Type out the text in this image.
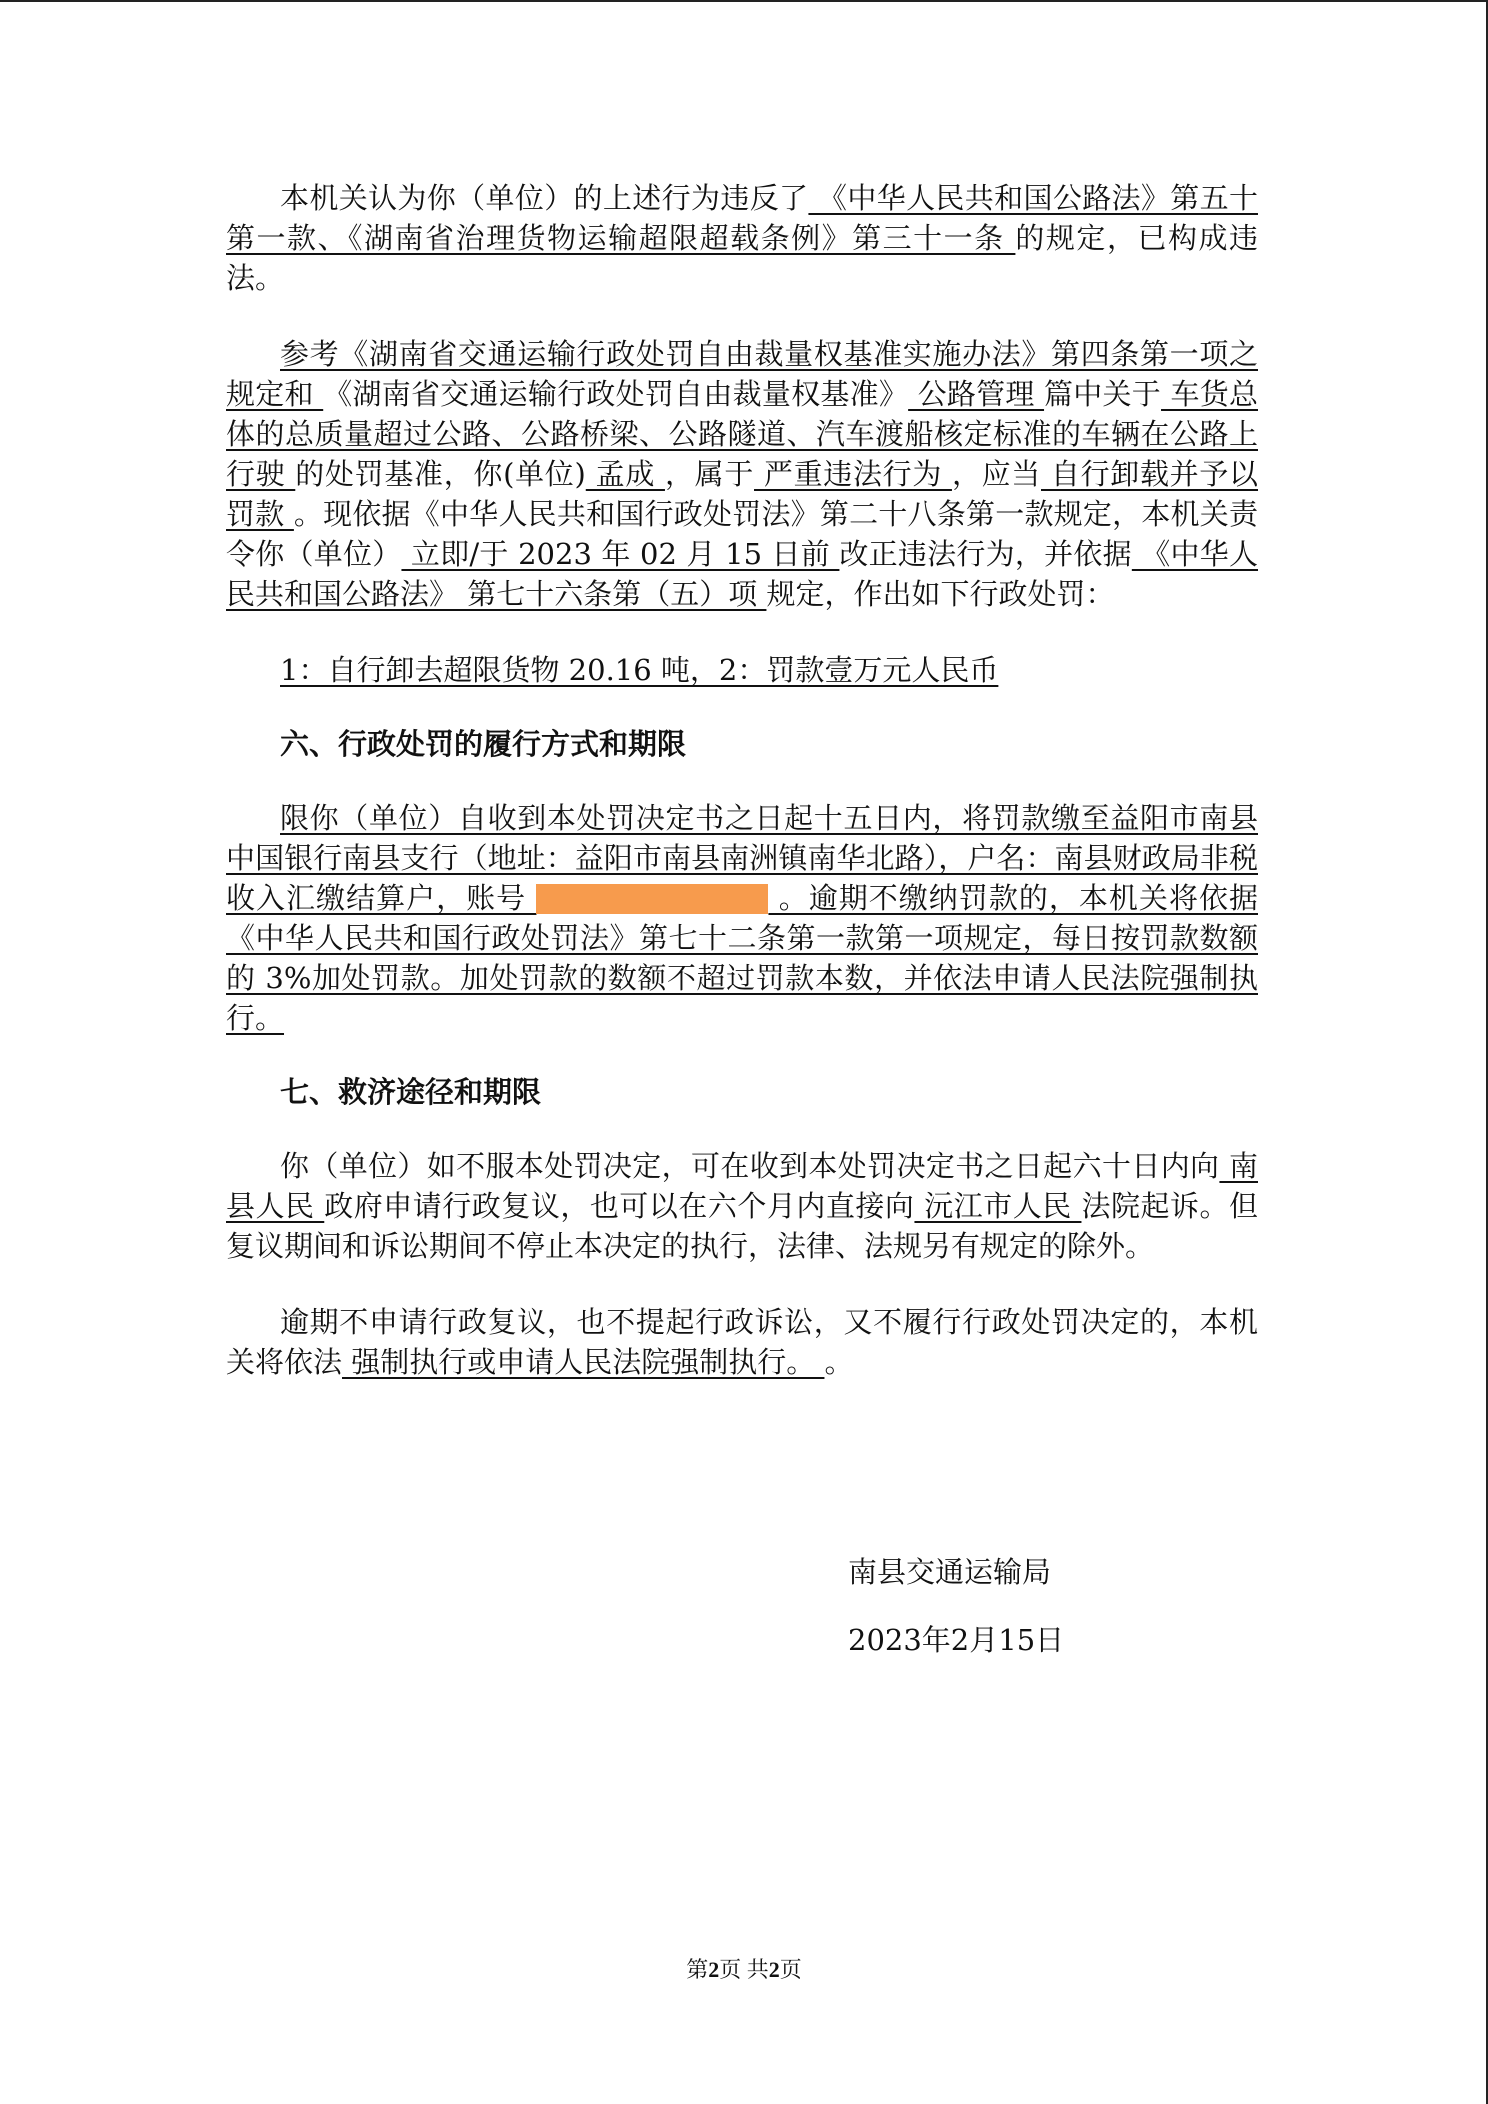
本机关认为你（单位）的上述行为违反了 《中华人民共和国公路法》第五十第一款、《湖南省治理货物运输超限超载条例》第三十一条 的规定，已构成违法。

参考《湖南省交通运输行政处罚自由裁量权基准实施办法》第四条第一项之规定和 《湖南省交通运输行政处罚自由裁量权基准》 公路管理 篇中关于 车货总体的总质量超过公路、公路桥梁、公路隧道、汽车渡船核定标准的车辆在公路上行驶 的处罚基准，你(单位) 孟成 ，属于 严重违法行为 ，应当 自行卸载并予以罚款 。现依据《中华人民共和国行政处罚法》第二十八条第一款规定，本机关责令你（单位） 立即/于 2023 年 02 月 15 日前 改正违法行为，并依据 《中华人民共和国公路法》 第七十六条第（五）项 规定，作出如下行政处罚：

1：自行卸去超限货物 20.16 吨，2：罚款壹万元人民币

六、行政处罚的履行方式和期限

限你（单位）自收到本处罚决定书之日起十五日内，将罚款缴至益阳市南县中国银行南县支行（地址：益阳市南县南洲镇南华北路），户名：南县财政局非税收入汇缴结算户，账号	。逾期不缴纳罚款的，本机关将依据《中华人民共和国行政处罚法》第七十二条第一款第一项规定，每日按罚款数额的 3%加处罚款。加处罚款的数额不超过罚款本数，并依法申请人民法院强制执行。

七、救济途径和期限

你（单位）如不服本处罚决定，可在收到本处罚决定书之日起六十日内向 南县人民 政府申请行政复议，也可以在六个月内直接向 沅江市人民 法院起诉。但复议期间和诉讼期间不停止本决定的执行，法律、法规另有规定的除外。

逾期不申请行政复议，也不提起行政诉讼，又不履行行政处罚决定的，本机关将依法 强制执行或申请人民法院强制执行。 。

南县交通运输局
2023年2月15日
第2页 共2页
